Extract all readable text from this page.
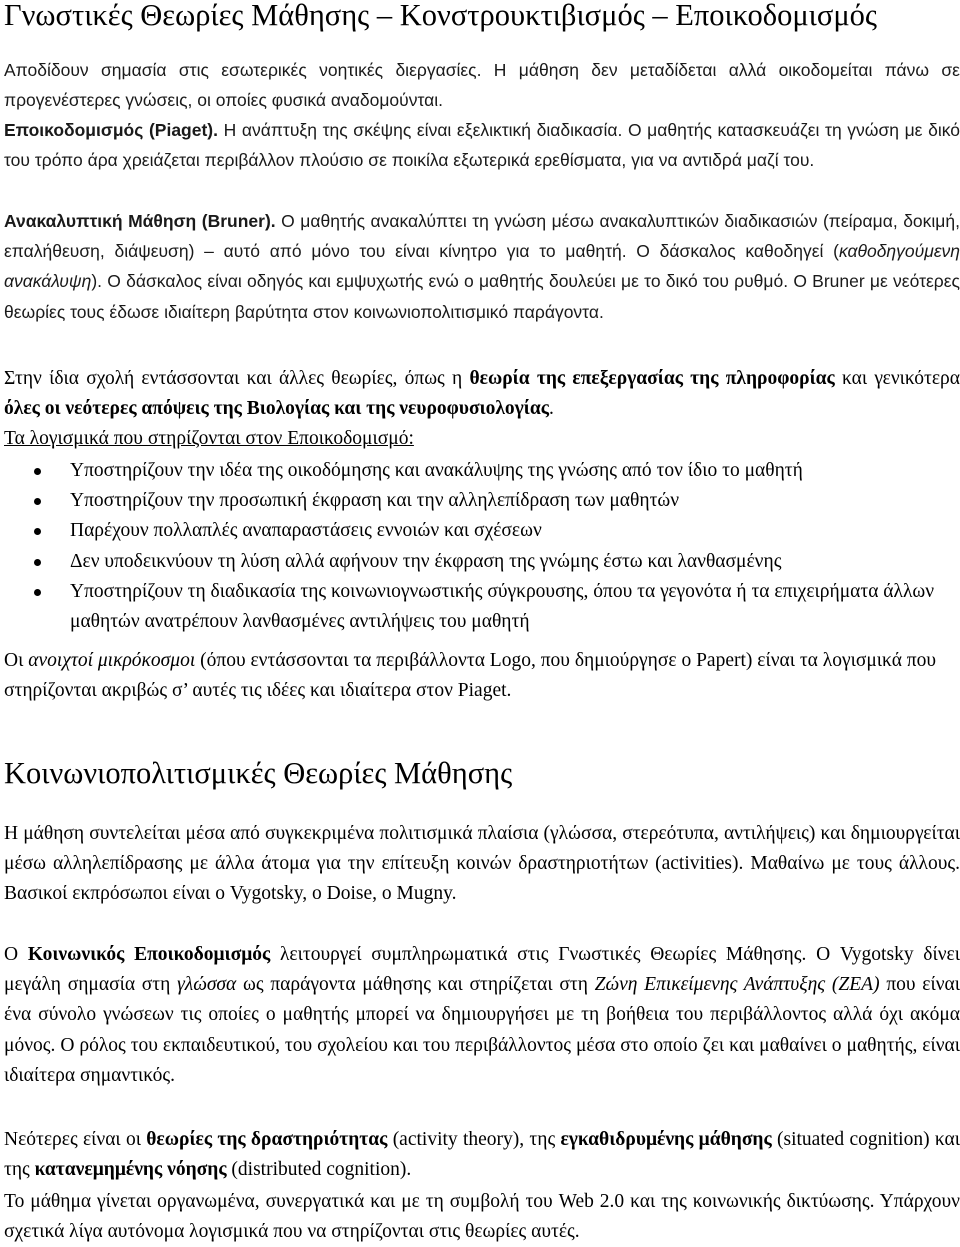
Γνωστικές Θεωρίες Μάθησης – Κονστρουκτιβισμός – Εποικοδομισμός

Αποδίδουν σημασία στις εσωτερικές νοητικές διεργασίες. Η μάθηση δεν μεταδίδεται αλλά οικοδομείται πάνω σε προγενέστερες γνώσεις, οι οποίες φυσικά αναδομούνται.

Εποικοδομισμός (Piaget). Η ανάπτυξη της σκέψης είναι εξελικτική διαδικασία. Ο μαθητής κατασκευάζει τη γνώση με δικό του τρόπο άρα χρειάζεται περιβάλλον πλούσιο σε ποικίλα εξωτερικά ερεθίσματα, για να αντιδρά μαζί του.

Ανακαλυπτική Μάθηση (Bruner). Ο μαθητής ανακαλύπτει τη γνώση μέσω ανακαλυπτικών διαδικασιών (πείραμα, δοκιμή, επαλήθευση, διάψευση) – αυτό από μόνο του είναι κίνητρο για το μαθητή. Ο δάσκαλος καθοδηγεί (καθοδηγούμενη ανακάλυψη). Ο δάσκαλος είναι οδηγός και εμψυχωτής ενώ ο μαθητής δουλεύει με το δικό του ρυθμό. Ο Bruner με νεότερες θεωρίες τους έδωσε ιδιαίτερη βαρύτητα στον κοινωνιοπολιτισμικό παράγοντα.

Στην ίδια σχολή εντάσσονται και άλλες θεωρίες, όπως η θεωρία της επεξεργασίας της πληροφορίας και γενικότερα όλες οι νεότερες απόψεις της Βιολογίας και της νευροφυσιολογίας.

Τα λογισμικά που στηρίζονται στον Εποικοδομισμό:

Υποστηρίζουν την ιδέα της οικοδόμησης και ανακάλυψης της γνώσης από τον ίδιο το μαθητή
Υποστηρίζουν την προσωπική έκφραση και την αλληλεπίδραση των μαθητών
Παρέχουν πολλαπλές αναπαραστάσεις εννοιών και σχέσεων
Δεν υποδεικνύουν τη λύση αλλά αφήνουν την έκφραση της γνώμης έστω και λανθασμένης
Υποστηρίζουν τη διαδικασία της κοινωνιογνωστικής σύγκρουσης, όπου τα γεγονότα ή τα επιχειρήματα άλλων μαθητών ανατρέπουν λανθασμένες αντιλήψεις του μαθητή

Οι ανοιχτοί μικρόκοσμοι (όπου εντάσσονται τα περιβάλλοντα Logo, που δημιούργησε ο Papert) είναι τα λογισμικά που στηρίζονται ακριβώς σ’ αυτές τις ιδέες και ιδιαίτερα στον Piaget.

Κοινωνιοπολιτισμικές Θεωρίες Μάθησης

Η μάθηση συντελείται μέσα από συγκεκριμένα πολιτισμικά πλαίσια (γλώσσα, στερεότυπα, αντιλήψεις) και δημιουργείται μέσω αλληλεπίδρασης με άλλα άτομα για την επίτευξη κοινών δραστηριοτήτων (activities). Μαθαίνω με τους άλλους. Βασικοί εκπρόσωποι είναι ο Vygotsky, ο Doise, ο Mugny.

Ο Κοινωνικός Εποικοδομισμός λειτουργεί συμπληρωματικά στις Γνωστικές Θεωρίες Μάθησης. Ο Vygotsky δίνει μεγάλη σημασία στη γλώσσα ως παράγοντα μάθησης και στηρίζεται στη Ζώνη Επικείμενης Ανάπτυξης (ΖΕΑ) που είναι ένα σύνολο γνώσεων τις οποίες ο μαθητής μπορεί να δημιουργήσει με τη βοήθεια του περιβάλλοντος αλλά όχι ακόμα μόνος. Ο ρόλος του εκπαιδευτικού, του σχολείου και του περιβάλλοντος μέσα στο οποίο ζει και μαθαίνει ο μαθητής, είναι ιδιαίτερα σημαντικός.

Νεότερες είναι οι θεωρίες της δραστηριότητας (activity theory), της εγκαθιδρυμένης μάθησης (situated cognition) και της κατανεμημένης νόησης (distributed cognition).

Το μάθημα γίνεται οργανωμένα, συνεργατικά και με τη συμβολή του Web 2.0 και της κοινωνικής δικτύωσης. Υπάρχουν σχετικά λίγα αυτόνομα λογισμικά που να στηρίζονται στις θεωρίες αυτές.
